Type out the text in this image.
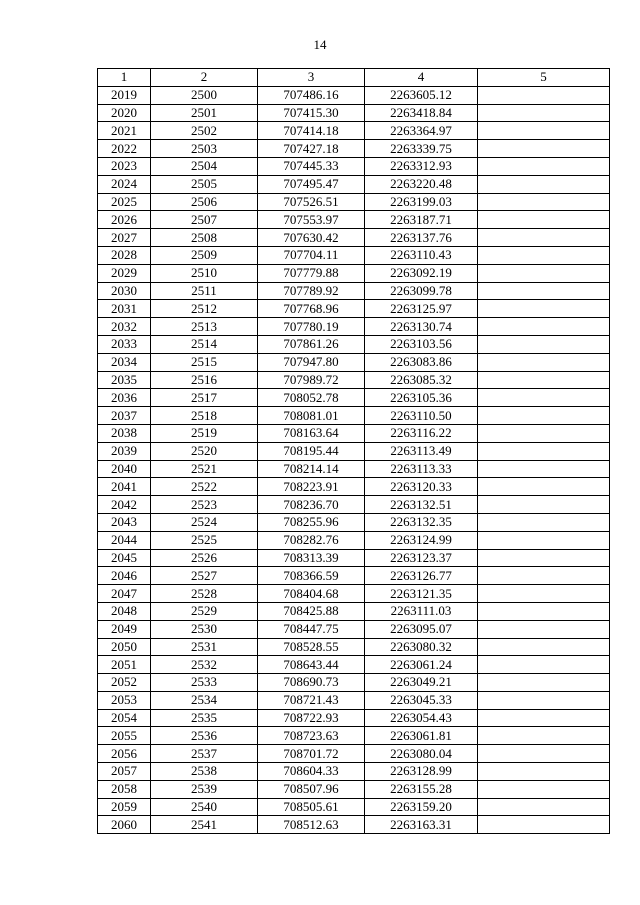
14
1	2	3	4	5
2019	2500	707486.16	2263605.12	
2020	2501	707415.30	2263418.84	
2021	2502	707414.18	2263364.97	
2022	2503	707427.18	2263339.75	
2023	2504	707445.33	2263312.93	
2024	2505	707495.47	2263220.48	
2025	2506	707526.51	2263199.03	
2026	2507	707553.97	2263187.71	
2027	2508	707630.42	2263137.76	
2028	2509	707704.11	2263110.43	
2029	2510	707779.88	2263092.19	
2030	2511	707789.92	2263099.78	
2031	2512	707768.96	2263125.97	
2032	2513	707780.19	2263130.74	
2033	2514	707861.26	2263103.56	
2034	2515	707947.80	2263083.86	
2035	2516	707989.72	2263085.32	
2036	2517	708052.78	2263105.36	
2037	2518	708081.01	2263110.50	
2038	2519	708163.64	2263116.22	
2039	2520	708195.44	2263113.49	
2040	2521	708214.14	2263113.33	
2041	2522	708223.91	2263120.33	
2042	2523	708236.70	2263132.51	
2043	2524	708255.96	2263132.35	
2044	2525	708282.76	2263124.99	
2045	2526	708313.39	2263123.37	
2046	2527	708366.59	2263126.77	
2047	2528	708404.68	2263121.35	
2048	2529	708425.88	2263111.03	
2049	2530	708447.75	2263095.07	
2050	2531	708528.55	2263080.32	
2051	2532	708643.44	2263061.24	
2052	2533	708690.73	2263049.21	
2053	2534	708721.43	2263045.33	
2054	2535	708722.93	2263054.43	
2055	2536	708723.63	2263061.81	
2056	2537	708701.72	2263080.04	
2057	2538	708604.33	2263128.99	
2058	2539	708507.96	2263155.28	
2059	2540	708505.61	2263159.20	
2060	2541	708512.63	2263163.31	
